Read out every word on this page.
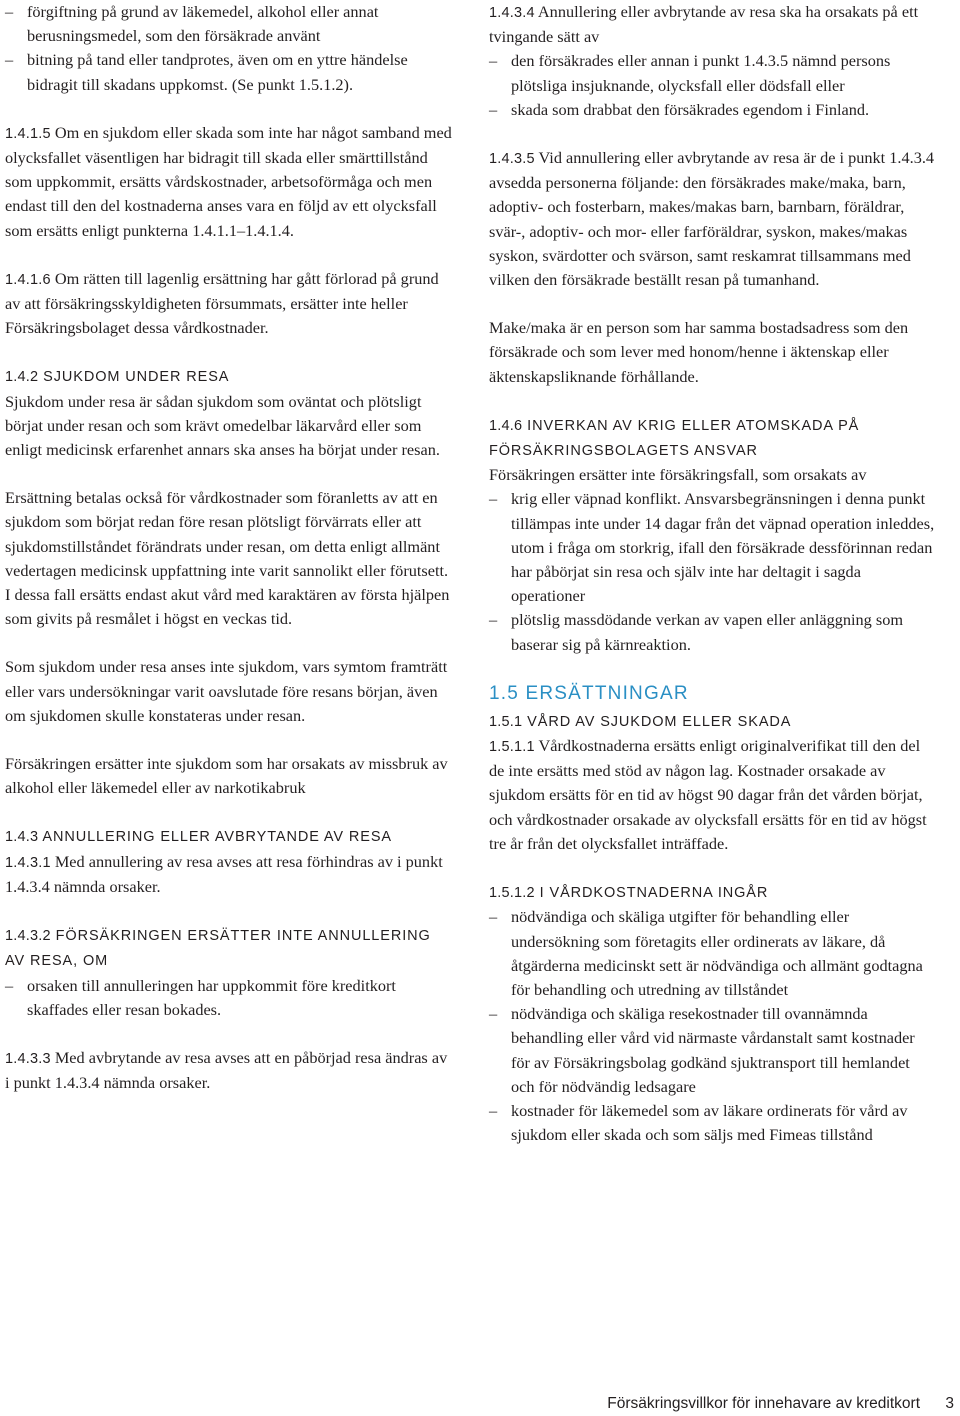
– förgiftning på grund av läkemedel, alkohol eller annat berusningsmedel, som den försäkrade använt
– bitning på tand eller tandprotes, även om en yttre händelse bidragit till skadans uppkomst. (Se punkt 1.5.1.2).

1.4.1.5 Om en sjukdom eller skada som inte har något samband med olycksfallet väsentligen har bidragit till skada eller smärttillstånd som uppkommit, ersätts vårdskostnader, arbetsoförmåga och men endast till den del kostnaderna anses vara en följd av ett olycksfall som ersätts enligt punkterna 1.4.1.1–1.4.1.4.

1.4.1.6 Om rätten till lagenlig ersättning har gått förlorad på grund av att försäkringsskyldigheten försummats, ersätter inte heller Försäkringsbolaget dessa vårdkostnader.

1.4.2 SJUKDOM UNDER RESA

Sjukdom under resa är sådan sjukdom som oväntat och plötsligt börjat under resan och som krävt omedelbar läkarvård eller som enligt medicinsk erfarenhet annars ska anses ha börjat under resan.

Ersättning betalas också för vårdkostnader som föranletts av att en sjukdom som börjat redan före resan plötsligt förvärrats eller att sjukdomstillståndet förändrats under resan, om detta enligt allmänt vedertagen medicinsk uppfattning inte varit sannolikt eller förutsett.

I dessa fall ersätts endast akut vård med karaktären av första hjälpen som givits på resmålet i högst en veckas tid.

Som sjukdom under resa anses inte sjukdom, vars symtom framträtt eller vars undersökningar varit oavslutade före resans början, även om sjukdomen skulle konstateras under resan.

Försäkringen ersätter inte sjukdom som har orsakats av missbruk av alkohol eller läkemedel eller av narkotikabruk

1.4.3 ANNULLERING ELLER AVBRYTANDE AV RESA

1.4.3.1 Med annullering av resa avses att resa förhindras av i punkt 1.4.3.4 nämnda orsaker.

1.4.3.2 FÖRSÄKRINGEN ERSÄTTER INTE ANNULLERING AV RESA, OM
– orsaken till annulleringen har uppkommit före kreditkort skaffades eller resan bokades.

1.4.3.3 Med avbrytande av resa avses att en påbörjad resa ändras av i punkt 1.4.3.4 nämnda orsaker.

1.4.3.4 Annullering eller avbrytande av resa ska ha orsakats på ett tvingande sätt av

– den försäkrades eller annan i punkt 1.4.3.5 nämnd persons plötsliga insjuknande, olycksfall eller dödsfall eller
– skada som drabbat den försäkrades egendom i Finland.

1.4.3.5 Vid annullering eller avbrytande av resa är de i punkt 1.4.3.4 avsedda personerna följande: den försäkrades make/maka, barn, adoptiv- och fosterbarn, makes/makas barn, barnbarn, föräldrar, svär-, adoptiv- och mor- eller farföräldrar, syskon, makes/makas syskon, svärdotter och svärson, samt reskamrat tillsammans med vilken den försäkrade beställt resan på tumanhand.

Make/maka är en person som har samma bostadsadress som den försäkrade och som lever med honom/henne i äktenskap eller äktenskapsliknande förhållande.

1.4.6 INVERKAN AV KRIG ELLER ATOMSKADA PÅ FÖRSÄKRINGSBOLAGETS ANSVAR

Försäkringen ersätter inte försäkringsfall, som orsakats av

– krig eller väpnad konflikt. Ansvarsbegränsningen i denna punkt tillämpas inte under 14 dagar från det väpnad operation inleddes, utom i fråga om storkrig, ifall den försäkrade dessförinnan redan har påbörjat sin resa och själv inte har deltagit i sagda operationer
– plötslig massdödande verkan av vapen eller anläggning som baserar sig på kärnreaktion.
1.5 ERSÄTTNINGAR
1.5.1 VÅRD AV SJUKDOM ELLER SKADA

1.5.1.1 Vårdkostnaderna ersätts enligt originalverifikat till den del de inte ersätts med stöd av någon lag. Kostnader orsakade av sjukdom ersätts för en tid av högst 90 dagar från det vården börjat, och vårdkostnader orsakade av olycksfall ersätts för en tid av högst tre år från det olycksfallet inträffade.

1.5.1.2 I VÅRDKOSTNADERNA INGÅR
– nödvändiga och skäliga utgifter för behandling eller undersökning som företagits eller ordinerats av läkare, då åtgärderna medicinskt sett är nödvändiga och allmänt godtagna för behandling och utredning av tillståndet
– nödvändiga och skäliga resekostnader till ovannämnda behandling eller vård vid närmaste vårdanstalt samt kostnader för av Försäkringsbolag godkänd sjuktransport till hemlandet och för nödvändig ledsagare
– kostnader för läkemedel som av läkare ordinerats för vård av sjukdom eller skada och som säljs med Fimeas tillstånd
Försäkringsvillkor för innehavare av kreditkort 3
